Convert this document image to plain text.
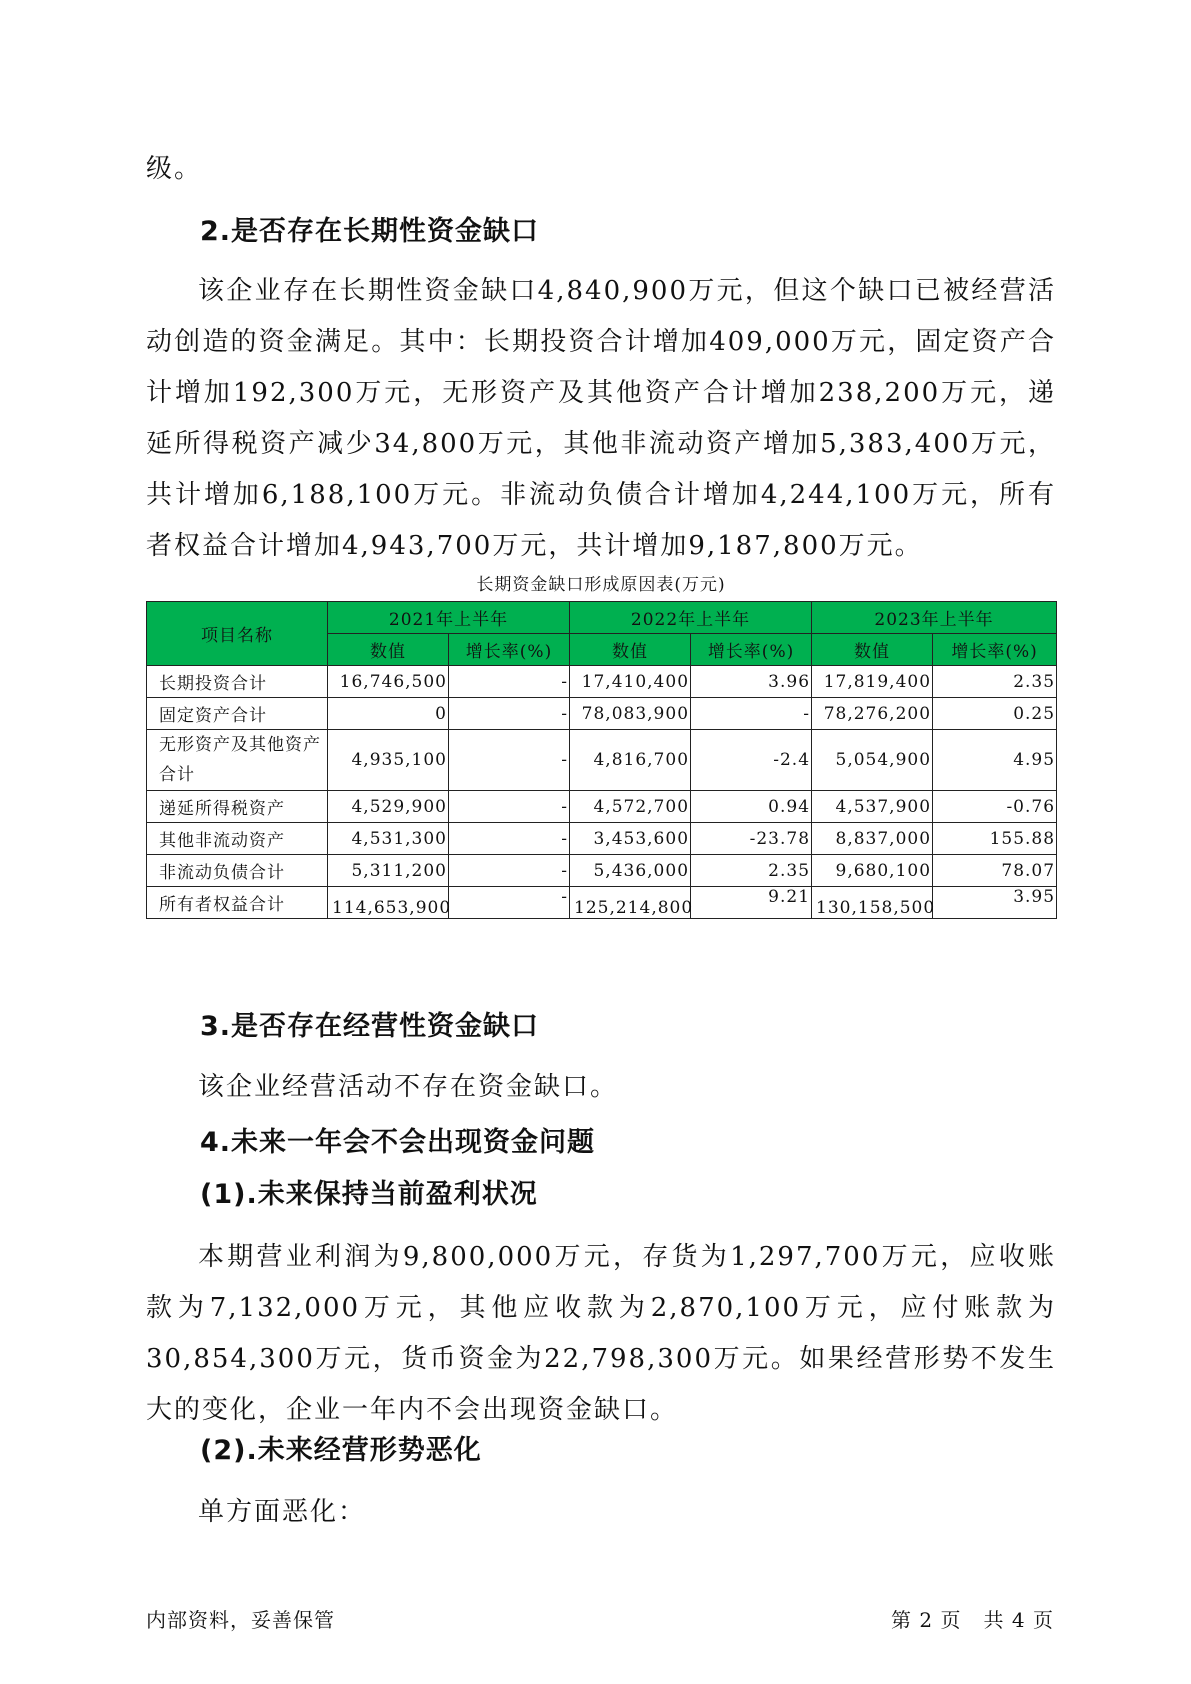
级。

2.是否存在长期性资金缺口

该企业存在长期性资金缺口4,840,900万元，但这个缺口已被经营活动创造的资金满足。其中：长期投资合计增加409,000万元，固定资产合计增加192,300万元，无形资产及其他资产合计增加238,200万元，递延所得税资产减少34,800万元，其他非流动资产增加5,383,400万元，共计增加6,188,100万元。非流动负债合计增加4,244,100万元，所有者权益合计增加4,943,700万元，共计增加9,187,800万元。

长期资金缺口形成原因表(万元)
项目名称	2021年上半年		2022年上半年		2023年上半年	
	数值	增长率(%)	数值	增长率(%)	数值	增长率(%)
长期投资合计	16,746,500	-	17,410,400	3.96	17,819,400	2.35
固定资产合计	0	-	78,083,900	-	78,276,200	0.25
无形资产及其他资产合计	4,935,100	-	4,816,700	-2.4	5,054,900	4.95
递延所得税资产	4,529,900	-	4,572,700	0.94	4,537,900	-0.76
其他非流动资产	4,531,300	-	3,453,600	-23.78	8,837,000	155.88
非流动负债合计	5,311,200	-	5,436,000	2.35	9,680,100	78.07
所有者权益合计	114,653,900	-	125,214,800	9.21	130,158,500	3.95
3.是否存在经营性资金缺口

该企业经营活动不存在资金缺口。

4.未来一年会不会出现资金问题
(1).未来保持当前盈利状况

本期营业利润为9,800,000万元，存货为1,297,700万元，应收账款为7,132,000万元，其他应收款为2,870,100万元，应付账款为30,854,300万元，货币资金为22,798,300万元。如果经营形势不发生大的变化，企业一年内不会出现资金缺口。

(2).未来经营形势恶化

单方面恶化：

内部资料，妥善保管	第 2 页   共 4 页
